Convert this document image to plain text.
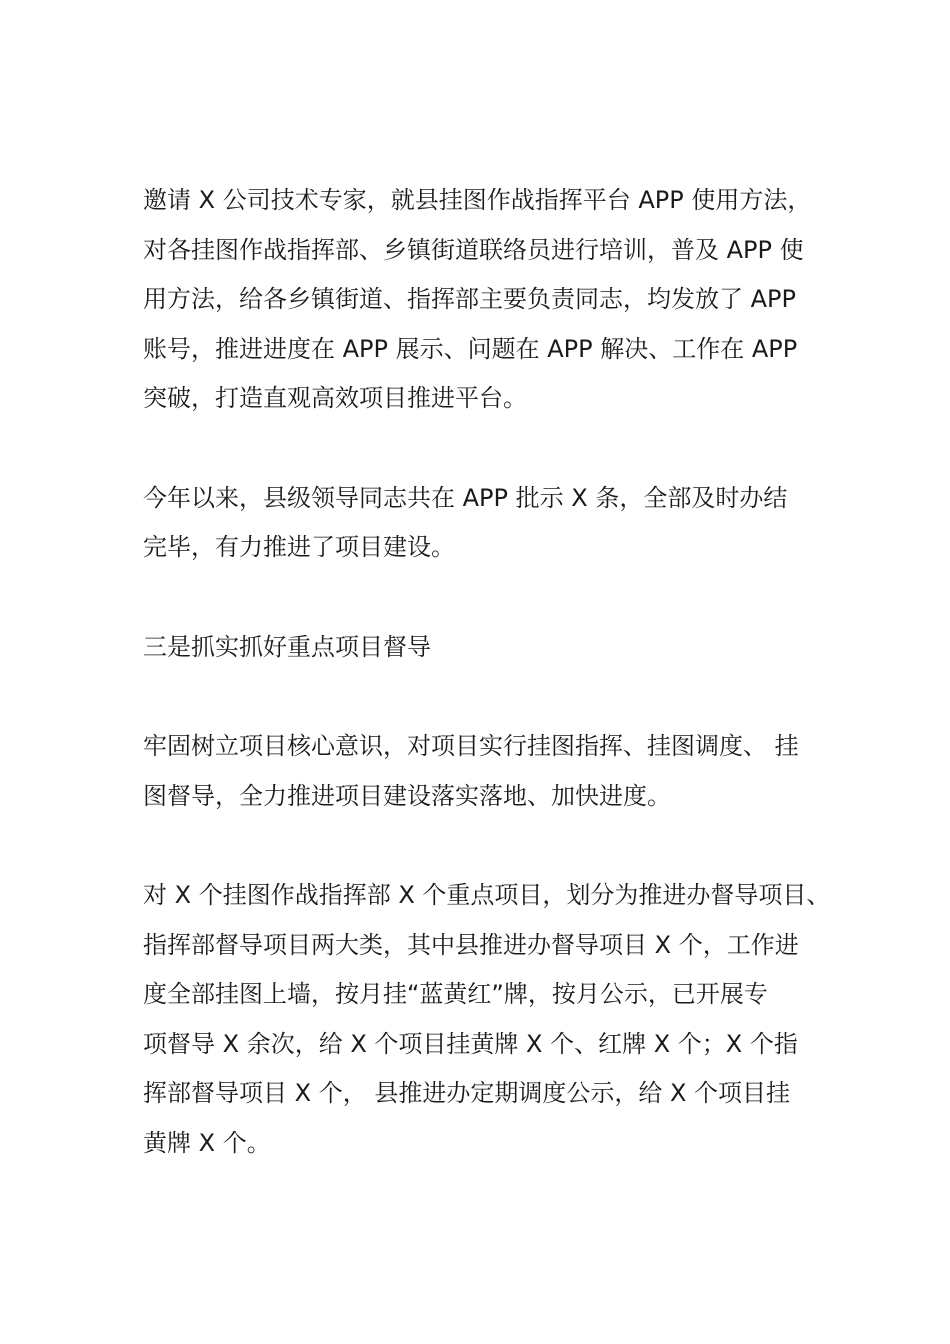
邀请 X 公司技术专家，就县挂图作战指挥平台 APP 使用方法，
对各挂图作战指挥部、乡镇街道联络员进行培训，普及 APP 使
用方法，给各乡镇街道、指挥部主要负责同志，均发放了 APP
账号，推进进度在 APP 展示、问题在 APP 解决、工作在 APP
突破，打造直观高效项目推进平台。

今年以来，县级领导同志共在 APP 批示 X 条，全部及时办结
完毕，有力推进了项目建设。

三是抓实抓好重点项目督导

牢固树立项目核心意识，对项目实行挂图指挥、挂图调度、 挂
图督导，全力推进项目建设落实落地、加快进度。

对 X 个挂图作战指挥部 X 个重点项目，划分为推进办督导项目、
指挥部督导项目两大类，其中县推进办督导项目 X 个，工作进
度全部挂图上墙，按月挂“蓝黄红”牌，按月公示，已开展专
项督导 X 余次，给 X 个项目挂黄牌 X 个、红牌 X 个；X 个指
挥部督导项目 X 个， 县推进办定期调度公示，给 X 个项目挂
黄牌 X 个。
